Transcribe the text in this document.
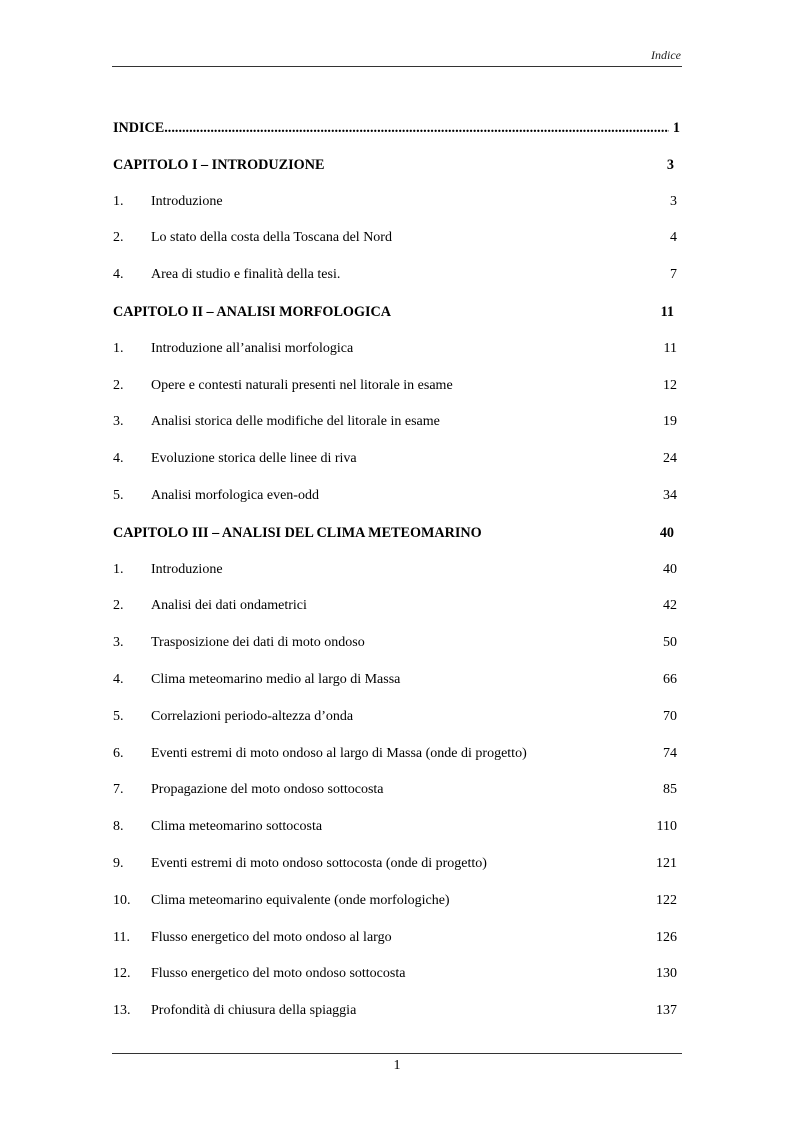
Indice
INDICE .....	1
CAPITOLO I – INTRODUZIONE	3
1. Introduzione	3
2. Lo stato della costa della Toscana del Nord	4
4. Area di studio e finalità della tesi.	7
CAPITOLO II – ANALISI MORFOLOGICA	11
1. Introduzione all’analisi morfologica	11
2. Opere e contesti naturali presenti nel litorale in esame	12
3. Analisi storica delle modifiche del litorale in esame	19
4. Evoluzione storica delle linee di riva	24
5. Analisi morfologica even-odd	34
CAPITOLO III – ANALISI DEL CLIMA METEOMARINO	40
1. Introduzione	40
2. Analisi dei dati ondametrici	42
3. Trasposizione dei dati di moto ondoso	50
4. Clima meteomarino medio al largo di Massa	66
5. Correlazioni periodo-altezza d’onda	70
6. Eventi estremi di moto ondoso al largo di Massa (onde di progetto)	74
7. Propagazione del moto ondoso sottocosta	85
8. Clima meteomarino sottocosta	110
9. Eventi estremi di moto ondoso sottocosta (onde di progetto)	121
10. Clima meteomarino equivalente (onde morfologiche)	122
11. Flusso energetico del moto ondoso al largo	126
12. Flusso energetico del moto ondoso sottocosta	130
13. Profondità di chiusura della spiaggia	137
1
